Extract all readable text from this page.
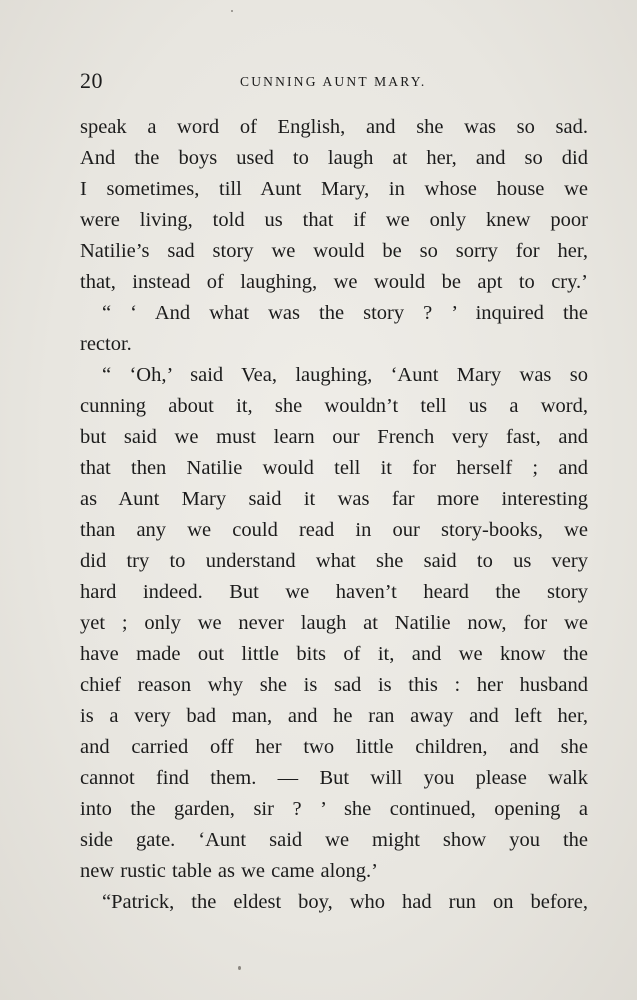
20	CUNNING AUNT MARY.
speak a word of English, and she was so sad.
And the boys used to laugh at her, and so did
I sometimes, till Aunt Mary, in whose house we
were living, told us that if we only knew poor
Natilie’s sad story we would be so sorry for her,
that, instead of laughing, we would be apt to cry.’
“ ‘ And what was the story ? ’ inquired the
rector.
“ ‘Oh,’ said Vea, laughing, ‘Aunt Mary was so
cunning about it, she wouldn’t tell us a word,
but said we must learn our French very fast, and
that then Natilie would tell it for herself ; and
as Aunt Mary said it was far more interesting
than any we could read in our story-books, we
did try to understand what she said to us very
hard indeed. But we haven’t heard the story
yet ; only we never laugh at Natilie now, for we
have made out little bits of it, and we know the
chief reason why she is sad is this : her husband
is a very bad man, and he ran away and left her,
and carried off her two little children, and she
cannot find them. — But will you please walk
into the garden, sir ? ’ she continued, opening a
side gate. ‘Aunt said we might show you the
new rustic table as we came along.’
“Patrick, the eldest boy, who had run on before,
